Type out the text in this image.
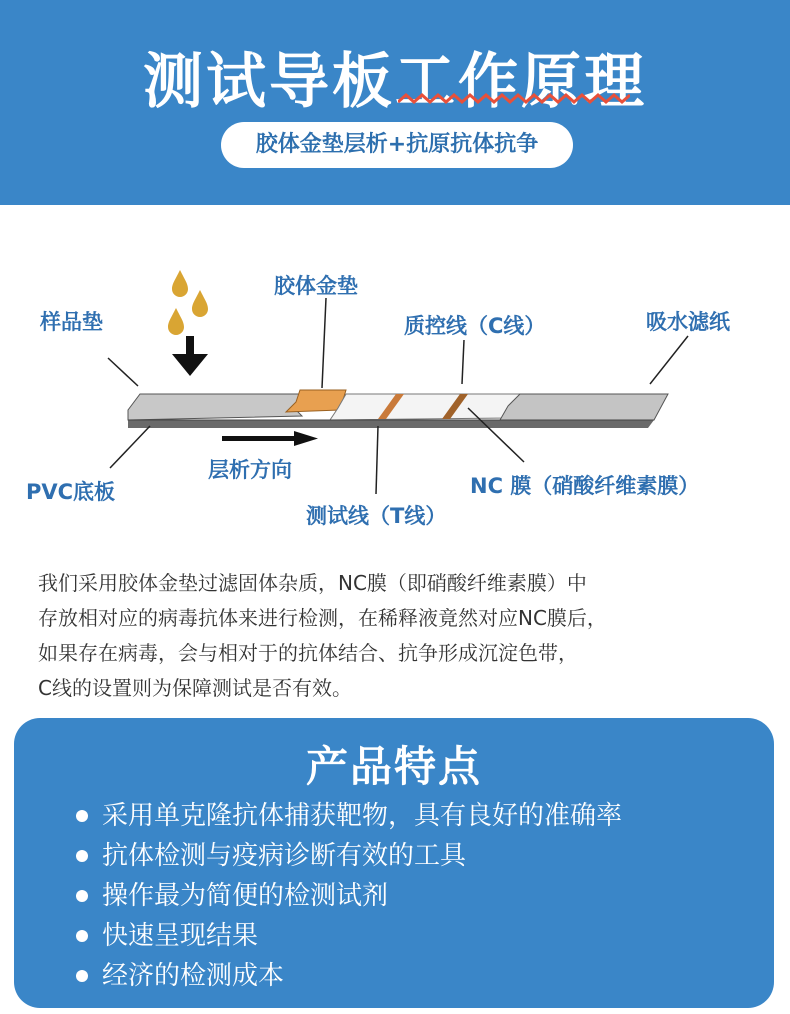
测试导板工作原理
胶体金垫层析+抗原抗体抗争
样品垫
胶体金垫
质控线（C线）	吸水滤纸
PVC底板
层析方向
NC 膜（硝酸纤维素膜）
测试线（T线）

我们采用胶体金垫过滤固体杂质，NC膜（即硝酸纤维素膜）中

存放相对应的病毒抗体来进行检测，在稀释液竟然对应NC膜后，

如果存在病毒，会与相对于的抗体结合、抗争形成沉淀色带，

C线的设置则为保障测试是否有效。

产品特点
采用单克隆抗体捕获靶物，具有良好的准确率
抗体检测与疫病诊断有效的工具
操作最为简便的检测试剂
快速呈现结果
经济的检测成本
